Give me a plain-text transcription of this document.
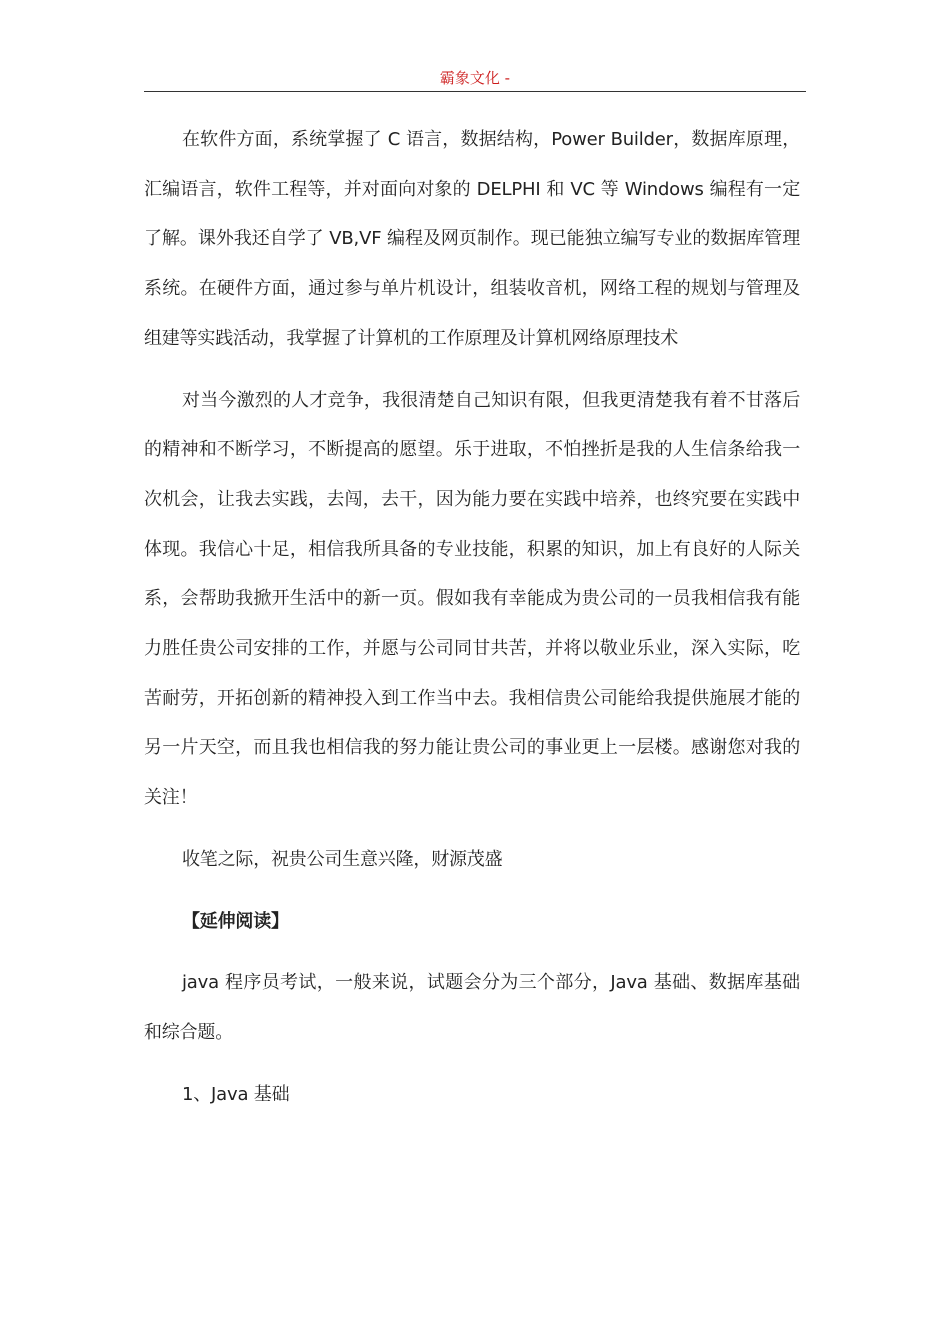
霸象文化 -

在软件方面，系统掌握了 C 语言，数据结构，Power Builder，数据库原理，汇编语言，软件工程等，并对面向对象的 DELPHI 和 VC 等 Windows 编程有一定了解。课外我还自学了 VB,VF 编程及网页制作。现已能独立编写专业的数据库管理系统。在硬件方面，通过参与单片机设计，组装收音机，网络工程的规划与管理及组建等实践活动，我掌握了计算机的工作原理及计算机网络原理技术

对当今激烈的人才竞争，我很清楚自己知识有限，但我更清楚我有着不甘落后的精神和不断学习，不断提高的愿望。乐于进取，不怕挫折是我的人生信条给我一次机会，让我去实践，去闯，去干，因为能力要在实践中培养，也终究要在实践中体现。我信心十足，相信我所具备的专业技能，积累的知识，加上有良好的人际关系，会帮助我掀开生活中的新一页。假如我有幸能成为贵公司的一员我相信我有能力胜任贵公司安排的工作，并愿与公司同甘共苦，并将以敬业乐业，深入实际，吃苦耐劳，开拓创新的精神投入到工作当中去。我相信贵公司能给我提供施展才能的另一片天空，而且我也相信我的努力能让贵公司的事业更上一层楼。感谢您对我的关注！

收笔之际，祝贵公司生意兴隆，财源茂盛

【延伸阅读】

java 程序员考试，一般来说，试题会分为三个部分，Java 基础、数据库基础和综合题。

1、Java 基础
